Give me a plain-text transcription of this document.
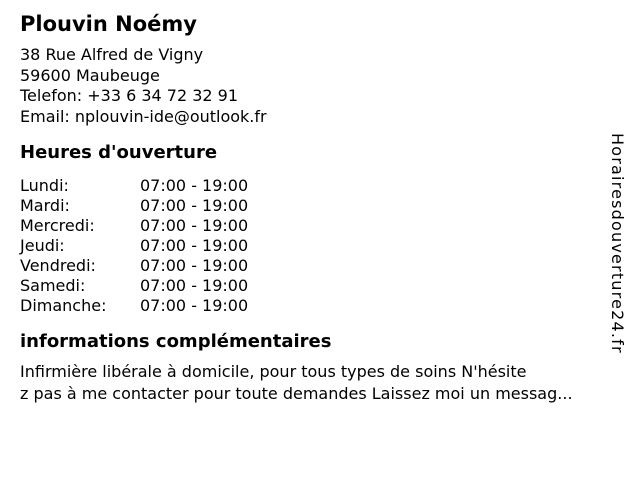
Plouvin Noémy
38 Rue Alfred de Vigny
59600 Maubeuge
Telefon: +33 6 34 72 32 91
Email: nplouvin-ide@outlook.fr
Heures d'ouverture
Lundi:	07:00 - 19:00
Mardi:	07:00 - 19:00
Mercredi:	07:00 - 19:00
Jeudi:	07:00 - 19:00
Vendredi:	07:00 - 19:00
Samedi:	07:00 - 19:00
Dimanche:	07:00 - 19:00
informations complémentaires
Infirmière libérale à domicile, pour tous types de soins N'hésite
z pas à me contacter pour toute demandes Laissez moi un messag...
Horairesdouverture24.fr
